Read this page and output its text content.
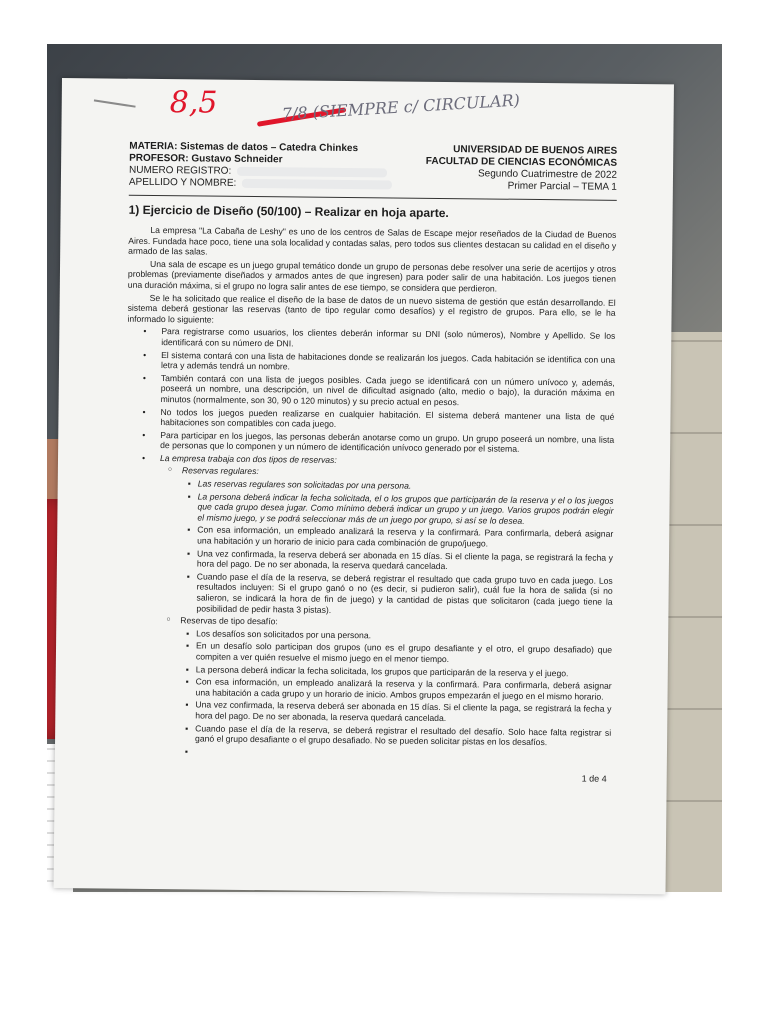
8,5	7/8 (SIEMPRE c/ CIRCULAR)
MATERIA: Sistemas de datos – Catedra Chinkes
PROFESOR: Gustavo Schneider
NUMERO REGISTRO:
APELLIDO Y NOMBRE:
UNIVERSIDAD DE BUENOS AIRES
FACULTAD DE CIENCIAS ECONÓMICAS
Segundo Cuatrimestre de 2022
Primer Parcial – TEMA 1
1) Ejercicio de Diseño (50/100) – Realizar en hoja aparte.

La empresa "La Cabaña de Leshy" es uno de los centros de Salas de Escape mejor reseñados de la Ciudad de Buenos Aires. Fundada hace poco, tiene una sola localidad y contadas salas, pero todos sus clientes destacan su calidad en el diseño y armado de las salas.

Una sala de escape es un juego grupal temático donde un grupo de personas debe resolver una serie de acertijos y otros problemas (previamente diseñados y armados antes de que ingresen) para poder salir de una habitación. Los juegos tienen una duración máxima, si el grupo no logra salir antes de ese tiempo, se considera que perdieron.

Se le ha solicitado que realice el diseño de la base de datos de un nuevo sistema de gestión que están desarrollando. El sistema deberá gestionar las reservas (tanto de tipo regular como desafíos) y el registro de grupos. Para ello, se le ha informado lo siguiente:

• Para registrarse como usuarios, los clientes deberán informar su DNI (solo números), Nombre y Apellido. Se los identificará con su número de DNI.
• El sistema contará con una lista de habitaciones donde se realizarán los juegos. Cada habitación se identifica con una letra y además tendrá un nombre.
• También contará con una lista de juegos posibles. Cada juego se identificará con un número unívoco y, además, poseerá un nombre, una descripción, un nivel de dificultad asignado (alto, medio o bajo), la duración máxima en minutos (normalmente, son 30, 90 o 120 minutos) y su precio actual en pesos.
• No todos los juegos pueden realizarse en cualquier habitación. El sistema deberá mantener una lista de qué habitaciones son compatibles con cada juego.
• Para participar en los juegos, las personas deberán anotarse como un grupo. Un grupo poseerá un nombre, una lista de personas que lo componen y un número de identificación unívoco generado por el sistema.
• La empresa trabaja con dos tipos de reservas:
○ Reservas regulares:
▪ Las reservas regulares son solicitadas por una persona.
▪ La persona deberá indicar la fecha solicitada, el o los grupos que participarán de la reserva y el o los juegos que cada grupo desea jugar. Como mínimo deberá indicar un grupo y un juego. Varios grupos podrán elegir el mismo juego, y se podrá seleccionar más de un juego por grupo, si así se lo desea.
▪ Con esa información, un empleado analizará la reserva y la confirmará. Para confirmarla, deberá asignar una habitación y un horario de inicio para cada combinación de grupo/juego.
▪ Una vez confirmada, la reserva deberá ser abonada en 15 días. Si el cliente la paga, se registrará la fecha y hora del pago. De no ser abonada, la reserva quedará cancelada.
▪ Cuando pase el día de la reserva, se deberá registrar el resultado que cada grupo tuvo en cada juego. Los resultados incluyen: Si el grupo ganó o no (es decir, si pudieron salir), cuál fue la hora de salida (si no salieron, se indicará la hora de fin de juego) y la cantidad de pistas que solicitaron (cada juego tiene la posibilidad de pedir hasta 3 pistas).
○ Reservas de tipo desafío:
▪ Los desafíos son solicitados por una persona.
▪ En un desafío solo participan dos grupos (uno es el grupo desafiante y el otro, el grupo desafiado) que compiten a ver quién resuelve el mismo juego en el menor tiempo.
▪ La persona deberá indicar la fecha solicitada, los grupos que participarán de la reserva y el juego.
▪ Con esa información, un empleado analizará la reserva y la confirmará. Para confirmarla, deberá asignar una habitación a cada grupo y un horario de inicio. Ambos grupos empezarán el juego en el mismo horario.
▪ Una vez confirmada, la reserva deberá ser abonada en 15 días. Si el cliente la paga, se registrará la fecha y hora del pago. De no ser abonada, la reserva quedará cancelada.
▪ Cuando pase el día de la reserva, se deberá registrar el resultado del desafío. Solo hace falta registrar si ganó el grupo desafiante o el grupo desafiado. No se pueden solicitar pistas en los desafíos.
▪
1 de 4
